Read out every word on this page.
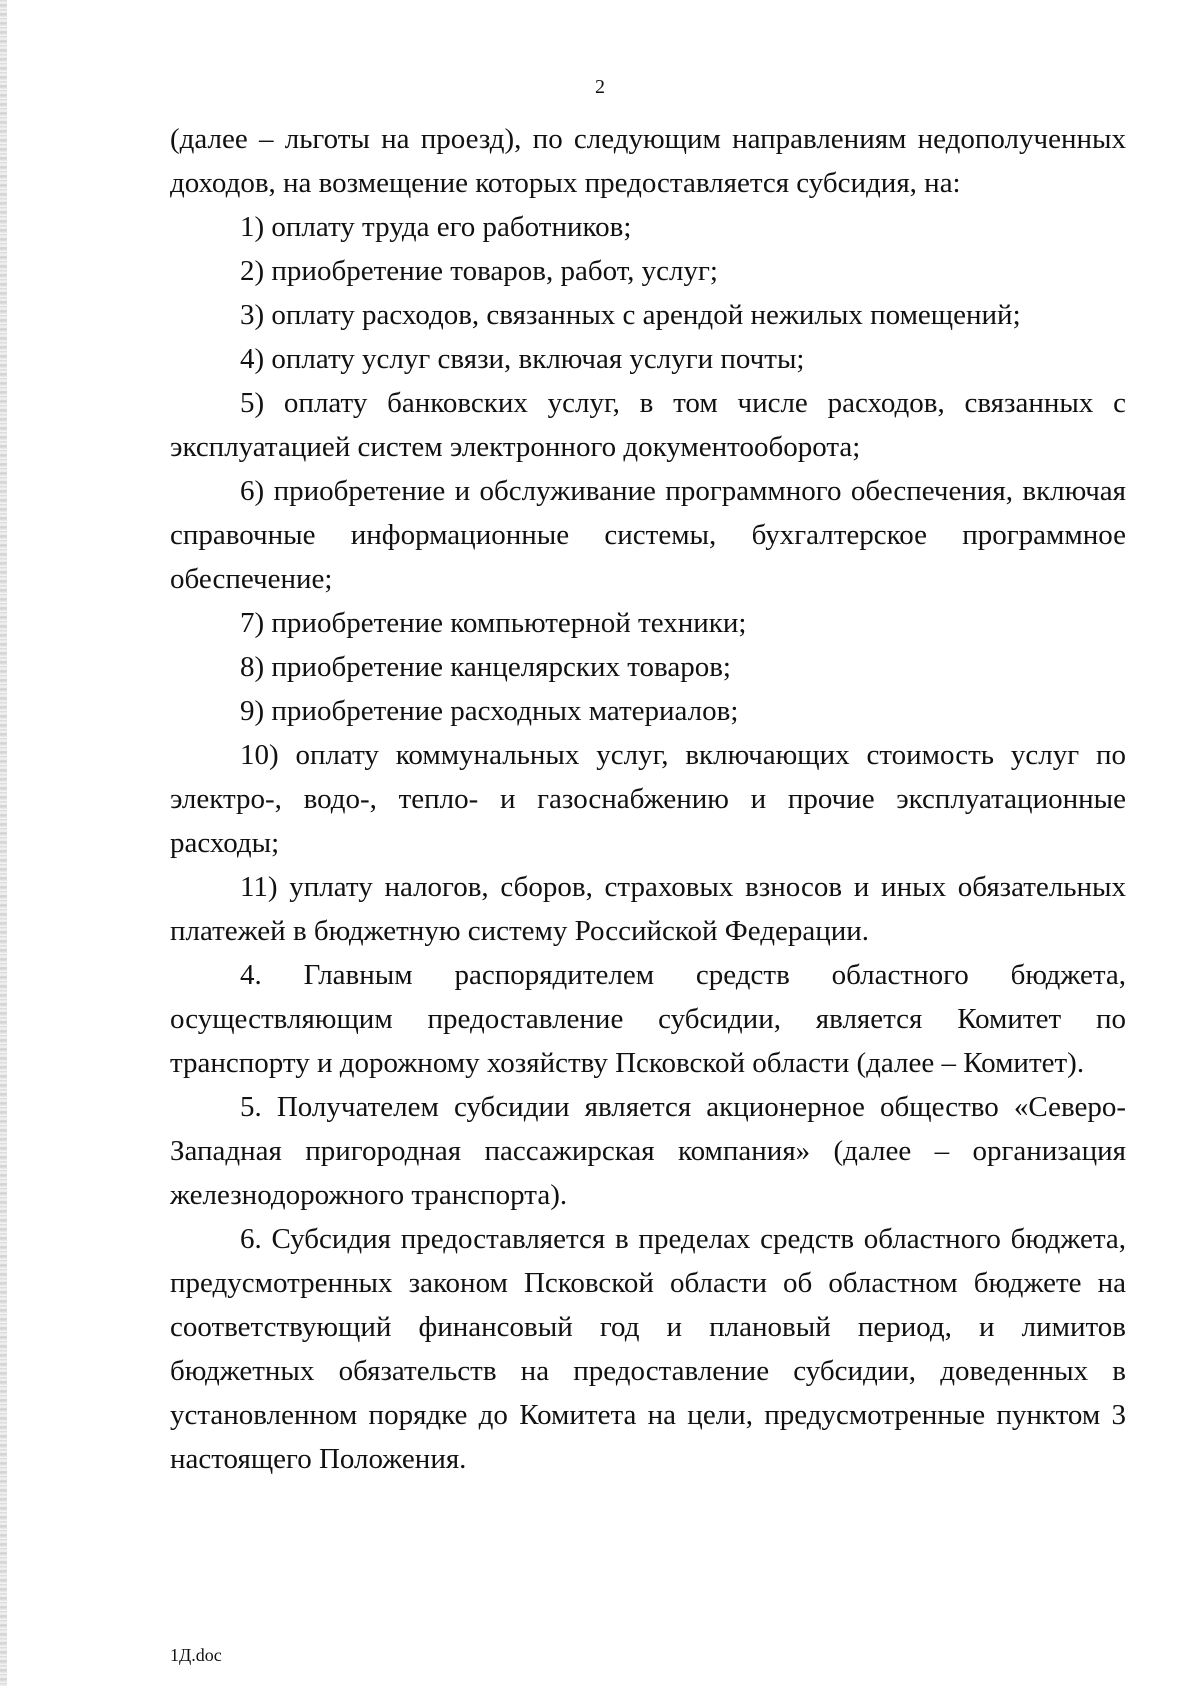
2

(далее – льготы на проезд), по следующим направлениям недополученных доходов, на возмещение которых предоставляется субсидия, на:

1) оплату труда его работников;

2) приобретение товаров, работ, услуг;

3) оплату расходов, связанных с арендой нежилых помещений;

4) оплату услуг связи, включая услуги почты;

5) оплату банковских услуг, в том числе расходов, связанных с эксплуатацией систем электронного документооборота;

6) приобретение и обслуживание программного обеспечения, включая справочные информационные системы, бухгалтерское программное обеспечение;

7) приобретение компьютерной техники;

8) приобретение канцелярских товаров;

9) приобретение расходных материалов;

10) оплату коммунальных услуг, включающих стоимость услуг по электро-, водо-, тепло- и газоснабжению и прочие эксплуатационные расходы;

11) уплату налогов, сборов, страховых взносов и иных обязательных платежей в бюджетную систему Российской Федерации.

4. Главным распорядителем средств областного бюджета, осуществляющим предоставление субсидии, является Комитет по транспорту и дорожному хозяйству Псковской области (далее – Комитет).

5. Получателем субсидии является акционерное общество «Северо-Западная пригородная пассажирская компания» (далее – организация железнодорожного транспорта).

6. Субсидия предоставляется в пределах средств областного бюджета, предусмотренных законом Псковской области об областном бюджете на соответствующий финансовый год и плановый период, и лимитов бюджетных обязательств на предоставление субсидии, доведенных в установленном порядке до Комитета на цели, предусмотренные пунктом 3 настоящего Положения.

1Д.doc
